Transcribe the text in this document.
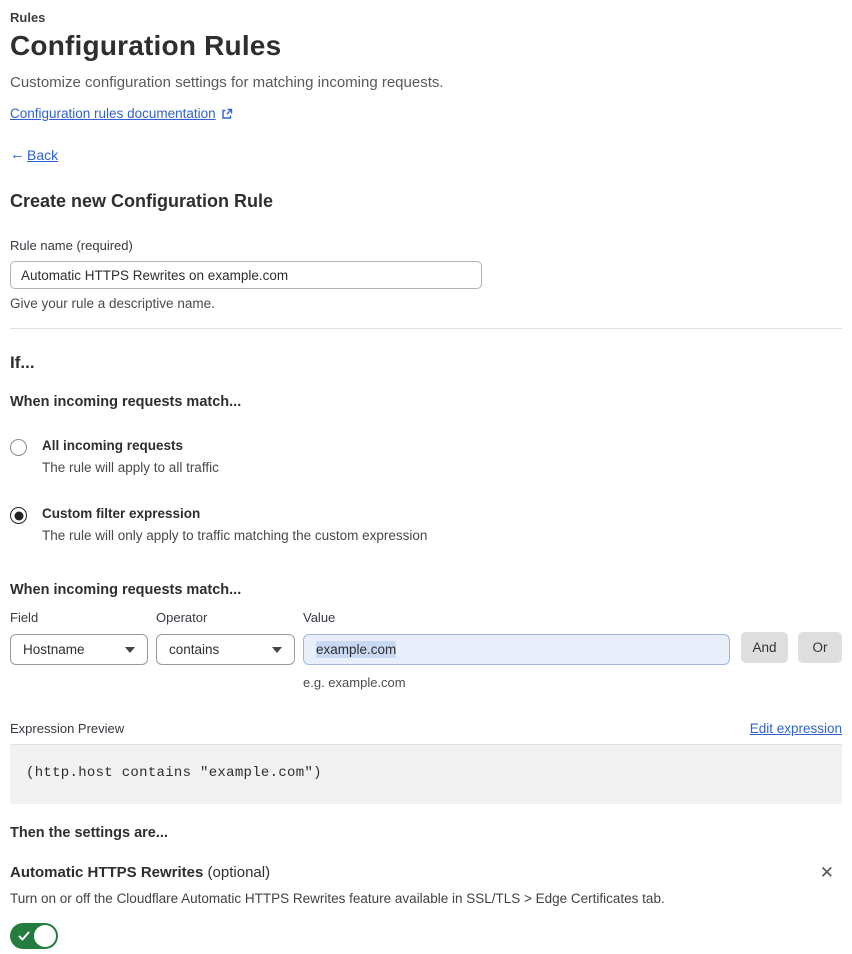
Rules
Configuration Rules
Customize configuration settings for matching incoming requests.
Configuration rules documentation
← Back
Create new Configuration Rule
Rule name (required)
Automatic HTTPS Rewrites on example.com
Give your rule a descriptive name.
If...
When incoming requests match...
All incoming requests
The rule will apply to all traffic
Custom filter expression
The rule will only apply to traffic matching the custom expression
When incoming requests match...
Field
Hostname
Operator
contains
Value
example.com
e.g. example.com
And	Or
Expression Preview	Edit expression
(http.host contains "example.com")
Then the settings are...
Automatic HTTPS Rewrites (optional)	✕
Turn on or off the Cloudflare Automatic HTTPS Rewrites feature available in SSL/TLS > Edge Certificates tab.
